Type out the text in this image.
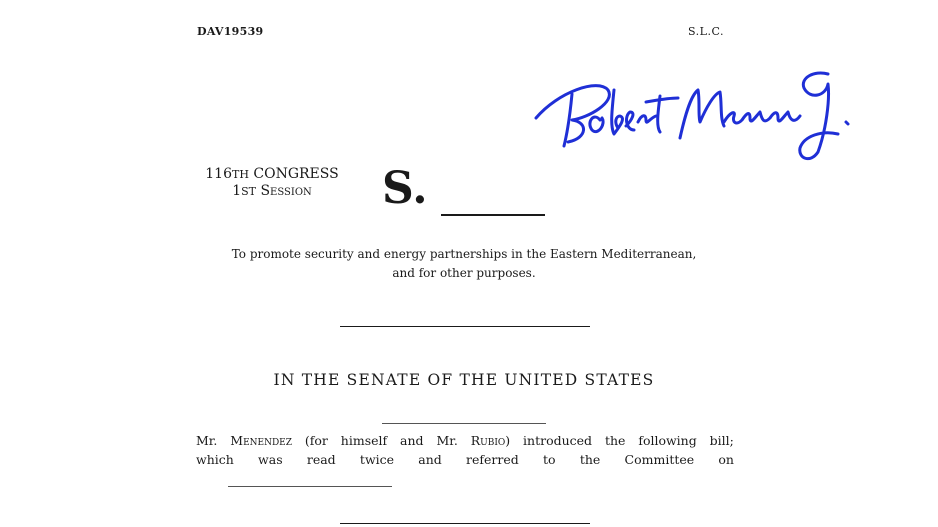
DAV19539	S.L.C.
116TH CONGRESS
1ST Session	S.
To promote security and energy partnerships in the Eastern Mediterranean,
and for other purposes.
IN THE SENATE OF THE UNITED STATES
Mr. Menendez (for himself and Mr. Rubio) introduced the following bill;
which was read twice and referred to the Committee on
